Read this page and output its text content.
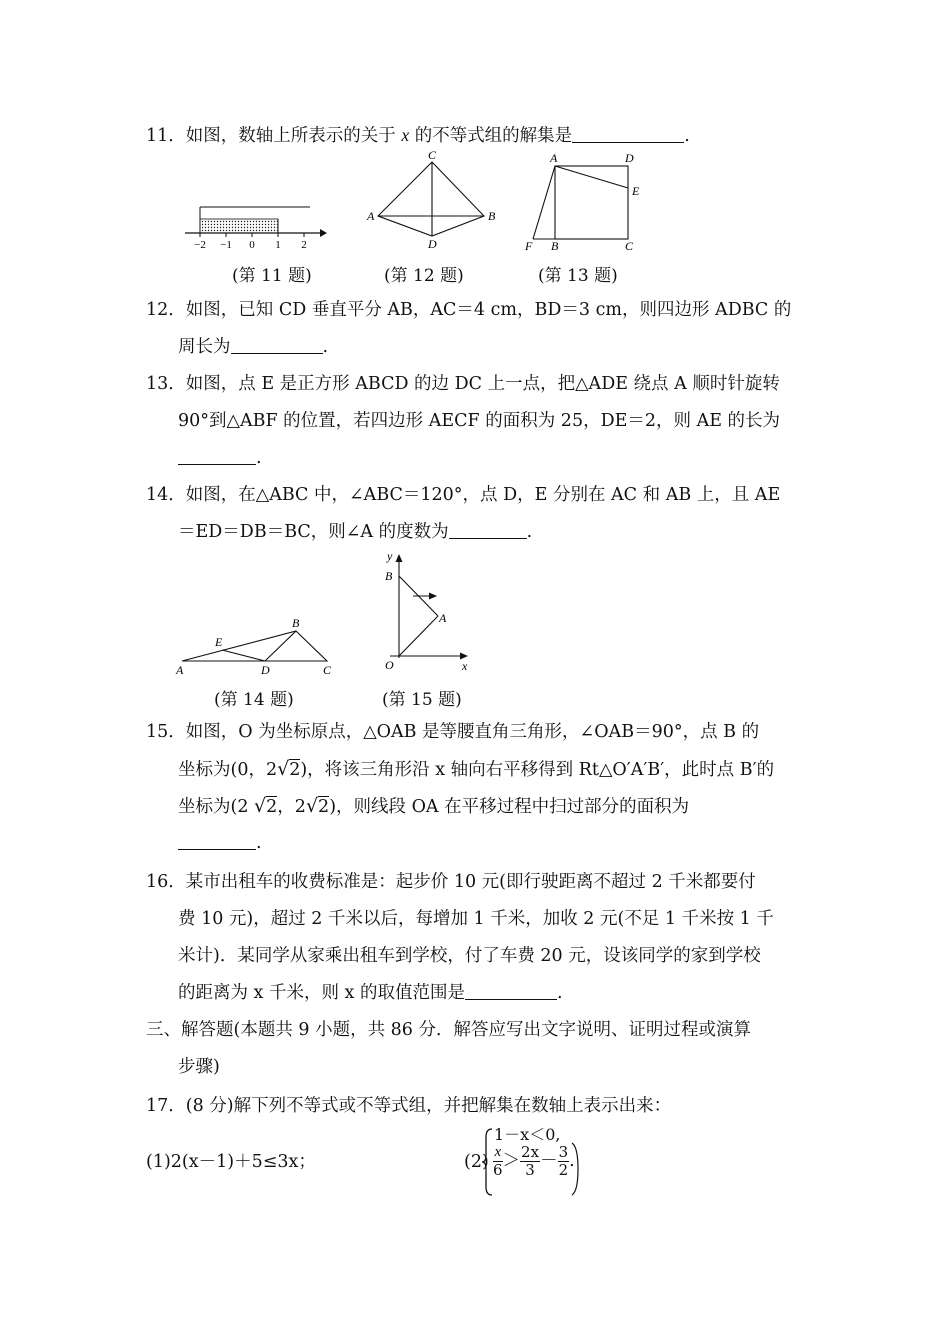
11．如图，数轴上所表示的关于 x 的不等式组的解集是	.
−2 −1 0 1 2
(第 11 题)
C
A	B
D
(第 12 题)
A	D
E
F B	C
(第 13 题)
12．如图，已知 CD 垂直平分 AB，AC＝4 cm，BD＝3 cm，则四边形 ADBC 的
周长为	.
13．如图，点 E 是正方形 ABCD 的边 DC 上一点，把△ADE 绕点 A 顺时针旋转
90°到△ABF 的位置，若四边形 AECF 的面积为 25，DE＝2，则 AE 的长为
.
14．如图，在△ABC 中，∠ABC＝120°，点 D，E 分别在 AC 和 AB 上，且 AE
＝ED＝DB＝BC，则∠A 的度数为	.
A
B
C
D
E
(第 14 题)
y
B
A
O	x
(第 15 题)
15．如图，O 为坐标原点，△OAB 是等腰直角三角形，∠OAB＝90°，点 B 的
坐标为(0，2√2)，将该三角形沿 x 轴向右平移得到 Rt△O′A′B′，此时点 B′的
坐标为(2 √2，2√2)，则线段 OA 在平移过程中扫过部分的面积为
.
16．某市出租车的收费标准是：起步价 10 元(即行驶距离不超过 2 千米都要付
费 10 元)，超过 2 千米以后，每增加 1 千米，加收 2 元(不足 1 千米按 1 千
米计)．某同学从家乘出租车到学校，付了车费 20 元，设该同学的家到学校
的距离为 x 千米，则 x 的取值范围是	.
三、解答题(本题共 9 小题，共 86 分．解答应写出文字说明、证明过程或演算
步骤)
17．(8 分)解下列不等式或不等式组，并把解集在数轴上表示出来：
(1)2(x－1)＋5≤3x；	(2)
1－x＜0,
$\frac{x}{6} > \frac{2x}{3} - \frac{3}{2}$ .
